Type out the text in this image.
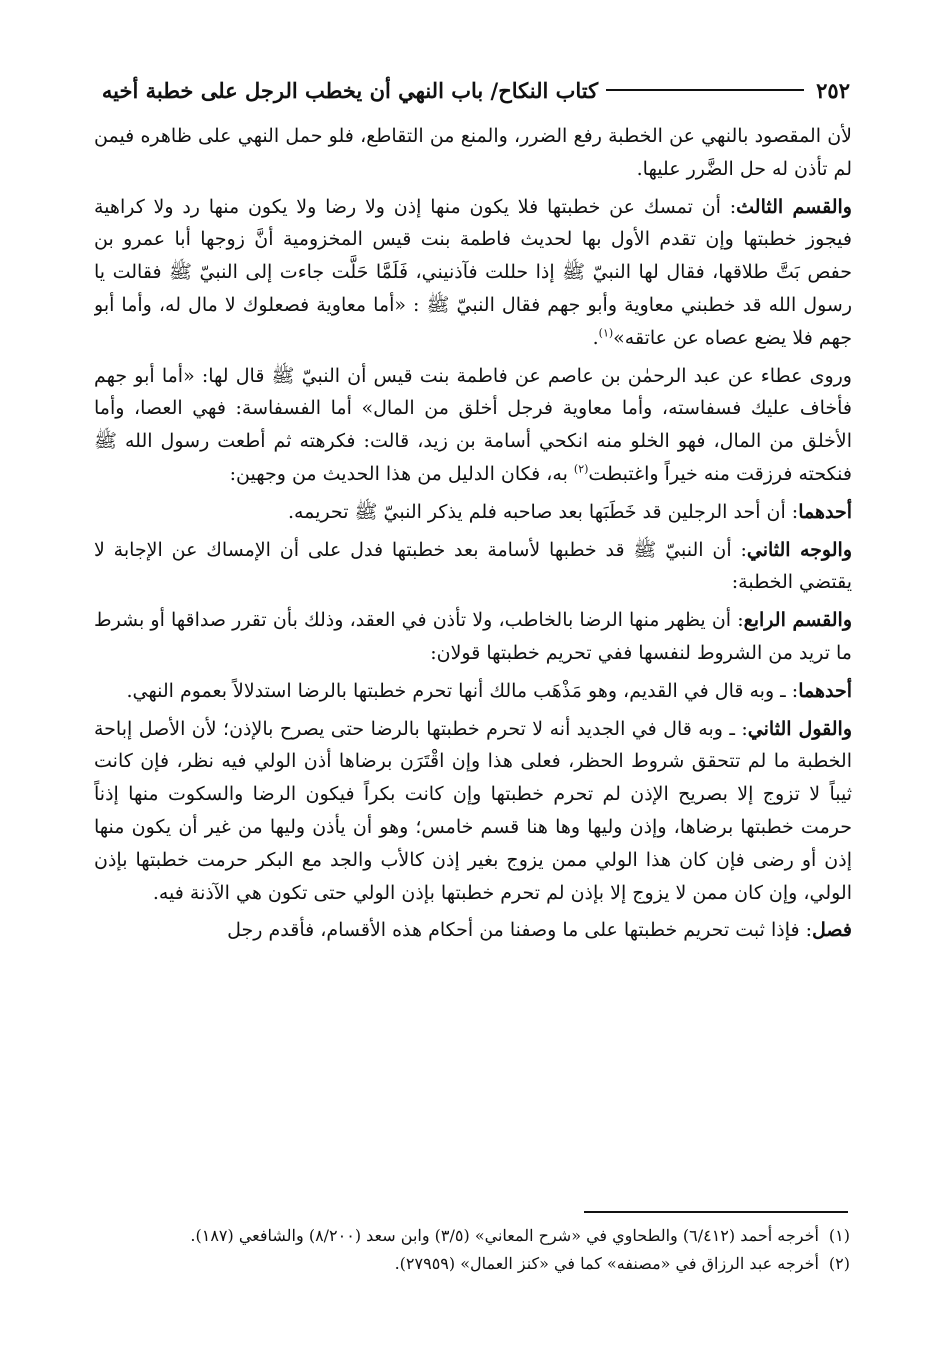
٢٥٢
كتاب النكاح/ باب النهي أن يخطب الرجل على خطبة أخيه

لأن المقصود بالنهي عن الخطبة رفع الضرر، والمنع من التقاطع، فلو حمل النهي على ظاهره فيمن لم تأذن له حل الضَّرر عليها.

والقسم الثالث: أن تمسك عن خطبتها فلا يكون منها إذن ولا رضا ولا يكون منها رد ولا كراهية فيجوز خطبتها وإن تقدم الأول بها لحديث فاطمة بنت قيس المخزومية أنَّ زوجها أبا عمرو بن حفص بَتَّ طلاقها، فقال لها النبيّ ﷺ إذا حللت فآذنيني، فَلَمَّا حَلَّت جاءت إلى النبيّ ﷺ فقالت يا رسول الله قد خطبني معاوية وأبو جهم فقال النبيّ ﷺ : «أما معاوية فصعلوك لا مال له، وأما أبو جهم فلا يضع عصاه عن عاتقه»$^{(١)}$.

وروى عطاء عن عبد الرحمٰن بن عاصم عن فاطمة بنت قيس أن النبيّ ﷺ قال لها: «أما أبو جهم فأخاف عليك فسفاسته، وأما معاوية فرجل أخلق من المال» أما الفسفاسة: فهي العصا، وأما الأخلق من المال، فهو الخلو منه انكحي أسامة بن زيد، قالت: فكرهته ثم أطعت رسول الله ﷺ فنكحته فرزقت منه خيراً واغتبطت$^{(٢)}$ به، فكان الدليل من هذا الحديث من وجهين:

أحدهما: أن أحد الرجلين قد خَطَبَها بعد صاحبه فلم يذكر النبيّ ﷺ تحريمه.

والوجه الثاني: أن النبيّ ﷺ قد خطبها لأسامة بعد خطبتها فدل على أن الإمساك عن الإجابة لا يقتضي الخطبة:

والقسم الرابع: أن يظهر منها الرضا بالخاطب، ولا تأذن في العقد، وذلك بأن تقرر صداقها أو بشرط ما تريد من الشروط لنفسها ففي تحريم خطبتها قولان:

أحدهما: ـ وبه قال في القديم، وهو مَذْهَب مالك أنها تحرم خطبتها بالرضا استدلالاً بعموم النهي.

والقول الثاني: ـ وبه قال في الجديد أنه لا تحرم خطبتها بالرضا حتى يصرح بالإذن؛ لأن الأصل إباحة الخطبة ما لم تتحقق شروط الحظر، فعلى هذا وإن اقْتَرَن برضاها أذن الولي فيه نظر، فإن كانت ثيباً لا تزوج إلا بصريح الإذن لم تحرم خطبتها وإن كانت بكراً فيكون الرضا والسكوت منها إذناً حرمت خطبتها برضاها، وإذن وليها وها هنا قسم خامس؛ وهو أن يأذن وليها من غير أن يكون منها إذن أو رضى فإن كان هذا الولي ممن يزوج بغير إذن كالأب والجد مع البكر حرمت خطبتها بإذن الولي، وإن كان ممن لا يزوج إلا بإذن لم تحرم خطبتها بإذن الولي حتى تكون هي الآذنة فيه.

فصل: فإذا ثبت تحريم خطبتها على ما وصفنا من أحكام هذه الأقسام، فأقدم رجل

(١)أخرجه أحمد (٦/٤١٢) والطحاوي في «شرح المعاني» (٣/٥) وابن سعد (٨/٢٠٠) والشافعي (١٨٧).

(٢)أخرجه عبد الرزاق في «مصنفه» كما في «كنز العمال» (٢٧٩٥٩).
